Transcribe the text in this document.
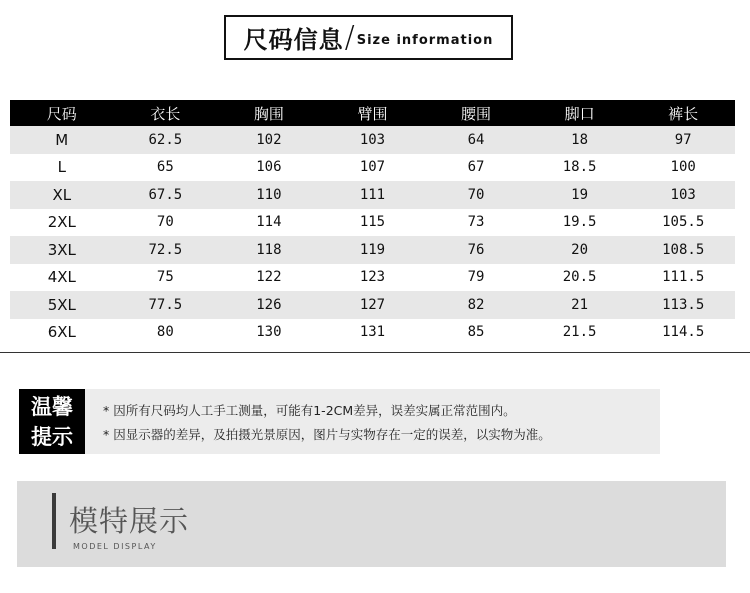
尺码信息 / Size information
尺码	衣长	胸围	臂围	腰围	脚口	裤长
M	62.5	102	103	64	18	97
L	65	106	107	67	18.5	100
XL	67.5	110	111	70	19	103
2XL	70	114	115	73	19.5	105.5
3XL	72.5	118	119	76	20	108.5
4XL	75	122	123	79	20.5	111.5
5XL	77.5	126	127	82	21	113.5
6XL	80	130	131	85	21.5	114.5
温馨
提示
* 因所有尺码均人工手工测量，可能有1-2CM差异，误差实属正常范围内。
* 因显示器的差异，及拍摄光景原因，图片与实物存在一定的误差，以实物为准。
模特展示
MODEL DISPLAY
